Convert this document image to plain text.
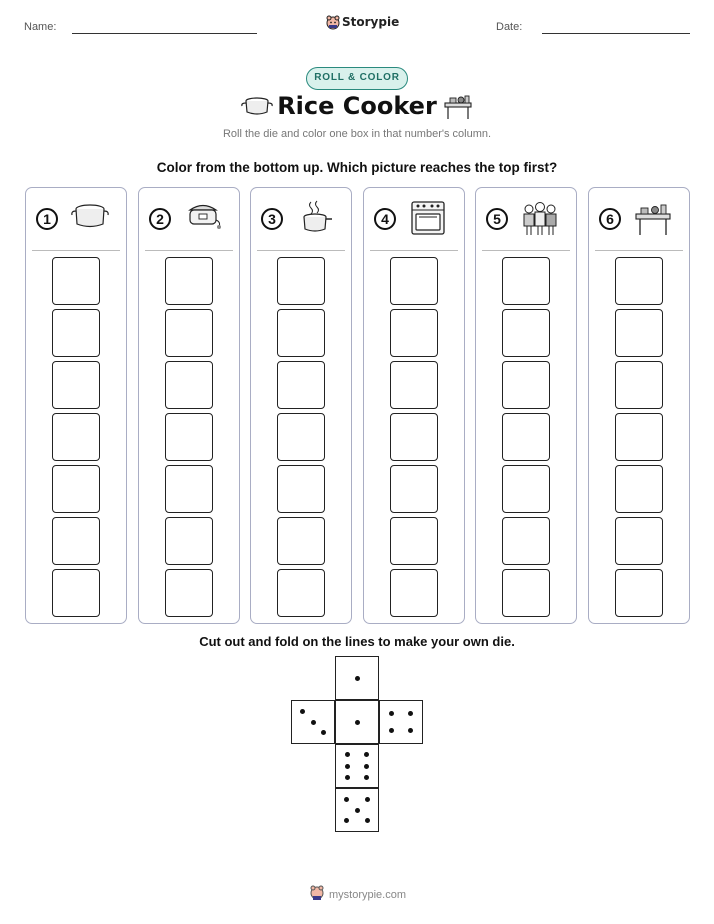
Name:	Storypie	Date:
ROLL & COLOR
Rice Cooker
Roll the die and color one box in that number's column.
Color from the bottom up. Which picture reaches the top first?
1	2	3	4	5	6
Cut out and fold on the lines to make your own die.
mystorypie.com
